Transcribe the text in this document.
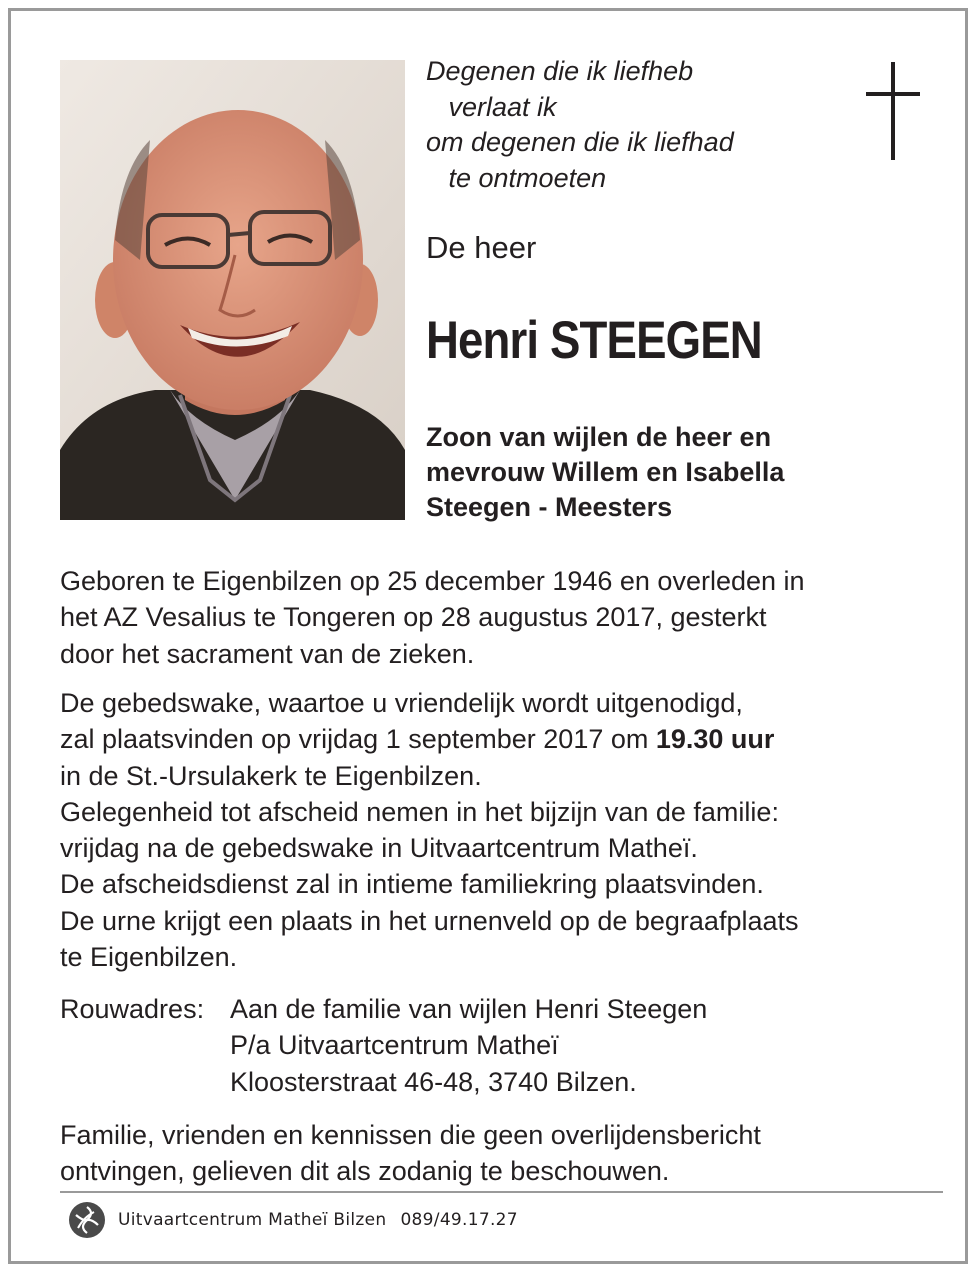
Degenen die ik liefheb
verlaat ik
om degenen die ik liefhad
te ontmoeten
De heer
Henri STEEGEN
Zoon van wijlen de heer en
mevrouw Willem en Isabella
Steegen - Meesters
Geboren te Eigenbilzen op 25 december 1946 en overleden in
het AZ Vesalius te Tongeren op 28 augustus 2017, gesterkt
door het sacrament van de zieken.
De gebedswake, waartoe u vriendelijk wordt uitgenodigd,
zal plaatsvinden op vrijdag 1 september 2017 om 19.30 uur
in de St.-Ursulakerk te Eigenbilzen.
Gelegenheid tot afscheid nemen in het bijzijn van de familie:
vrijdag na de gebedswake in Uitvaartcentrum Matheï.
De afscheidsdienst zal in intieme familiekring plaatsvinden.
De urne krijgt een plaats in het urnenveld op de begraafplaats
te Eigenbilzen.
Rouwadres: Aan de familie van wijlen Henri Steegen
P/a Uitvaartcentrum Matheï
Kloosterstraat 46-48, 3740 Bilzen.
Familie, vrienden en kennissen die geen overlijdensbericht
ontvingen, gelieven dit als zodanig te beschouwen.
Uitvaartcentrum Matheï Bilzen 089/49.17.27
